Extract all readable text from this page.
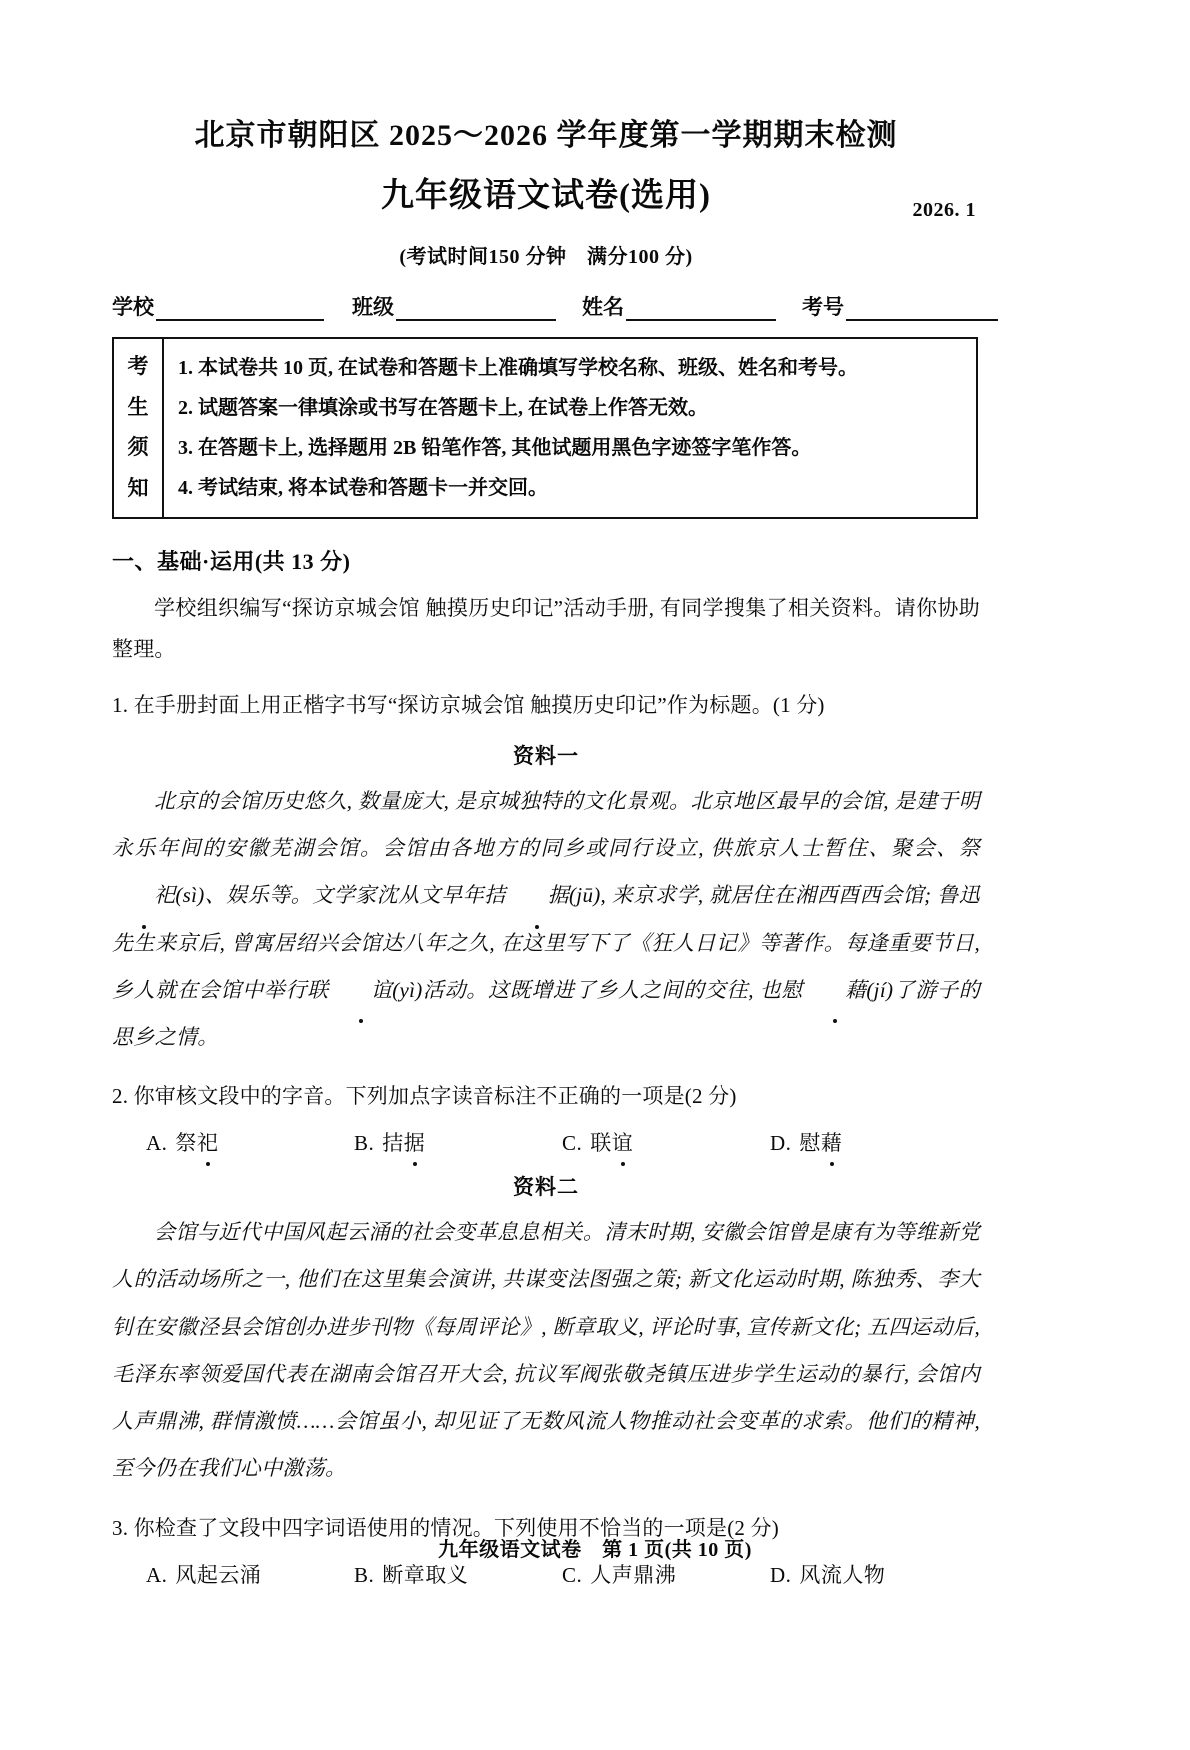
北京市朝阳区 2025～2026 学年度第一学期期末检测
九年级语文试卷(选用)	2026. 1
(考试时间150 分钟　满分100 分)
学校	班级	姓名	考号
考
生
须
知
1. 本试卷共 10 页, 在试卷和答题卡上准确填写学校名称、班级、姓名和考号。
2. 试题答案一律填涂或书写在答题卡上, 在试卷上作答无效。
3. 在答题卡上, 选择题用 2B 铅笔作答, 其他试题用黑色字迹签字笔作答。
4. 考试结束, 将本试卷和答题卡一并交回。
一、基础·运用(共 13 分)
学校组织编写“探访京城会馆 触摸历史印记”活动手册, 有同学搜集了相关资料。请你协助整理。
1. 在手册封面上用正楷字书写“探访京城会馆 触摸历史印记”作为标题。(1 分)
资料一
北京的会馆历史悠久, 数量庞大, 是京城独特的文化景观。北京地区最早的会馆, 是建于明永乐年间的安徽芜湖会馆。会馆由各地方的同乡或同行设立, 供旅京人士暂住、聚会、祭祀(sì)、娱乐等。文学家沈从文早年拮 据(jū), 来京求学, 就居住在湘西酉西会馆; 鲁迅先生来京后, 曾寓居绍兴会馆达八年之久, 在这里写下了《狂人日记》等著作。每逢重要节日, 乡人就在会馆中举行联 谊(yì)活动。这既增进了乡人之间的交往, 也慰 藉(jí)了游子的思乡之情。
2. 你审核文段中的字音。下列加点字读音标注不正确的一项是(2 分)
A. 祭祀	B. 拮据	C. 联谊	D. 慰藉
资料二
会馆与近代中国风起云涌的社会变革息息相关。清末时期, 安徽会馆曾是康有为等维新党人的活动场所之一, 他们在这里集会演讲, 共谋变法图强之策; 新文化运动时期, 陈独秀、李大钊在安徽泾县会馆创办进步刊物《每周评论》, 断章取义, 评论时事, 宣传新文化; 五四运动后, 毛泽东率领爱国代表在湖南会馆召开大会, 抗议军阀张敬尧镇压进步学生运动的暴行, 会馆内人声鼎沸, 群情激愤……会馆虽小, 却见证了无数风流人物推动社会变革的求索。他们的精神, 至今仍在我们心中激荡。
3. 你检查了文段中四字词语使用的情况。下列使用不恰当的一项是(2 分)
A. 风起云涌	B. 断章取义	C. 人声鼎沸	D. 风流人物
九年级语文试卷　第 1 页(共 10 页)
